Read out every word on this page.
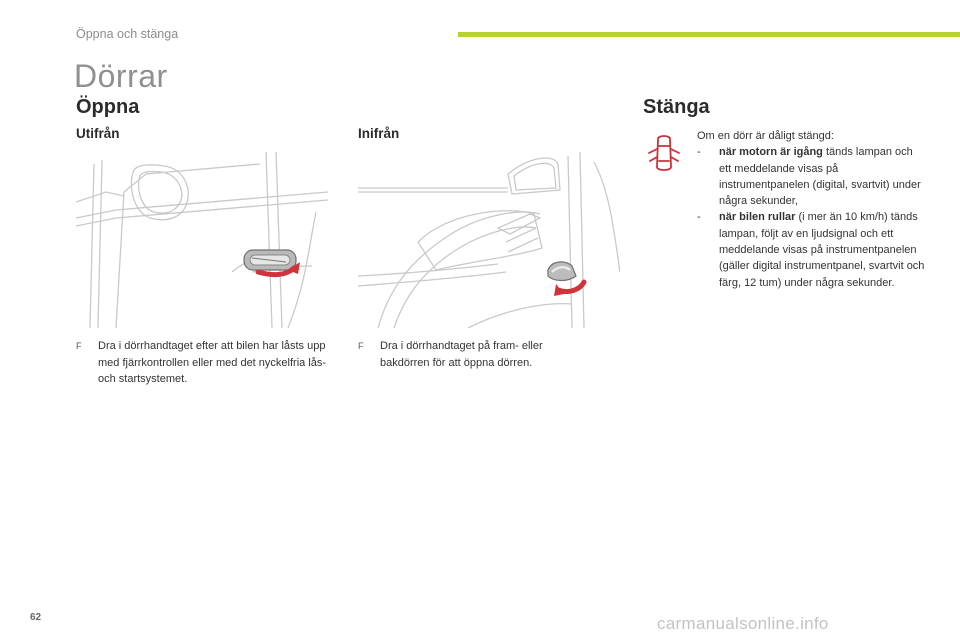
Öppna och stänga
Dörrar
Öppna	Stänga
Utifrån	Inifrån
F Dra i dörrhandtaget efter att bilen har låsts upp med fjärrkontrollen eller med det nyckelfria lås- och startsystemet.
F Dra i dörrhandtaget på fram- eller bakdörren för att öppna dörren.
Om en dörr är dåligt stängd:
- när motorn är igång tänds lampan och ett meddelande visas på instrumentpanelen (digital, svartvit) under några sekunder,
- när bilen rullar (i mer än 10 km/h) tänds lampan, följt av en ljudsignal och ett meddelande visas på instrumentpanelen (gäller digital instrumentpanel, svartvit och färg, 12 tum) under några sekunder.
62	carmanualsonline.info
